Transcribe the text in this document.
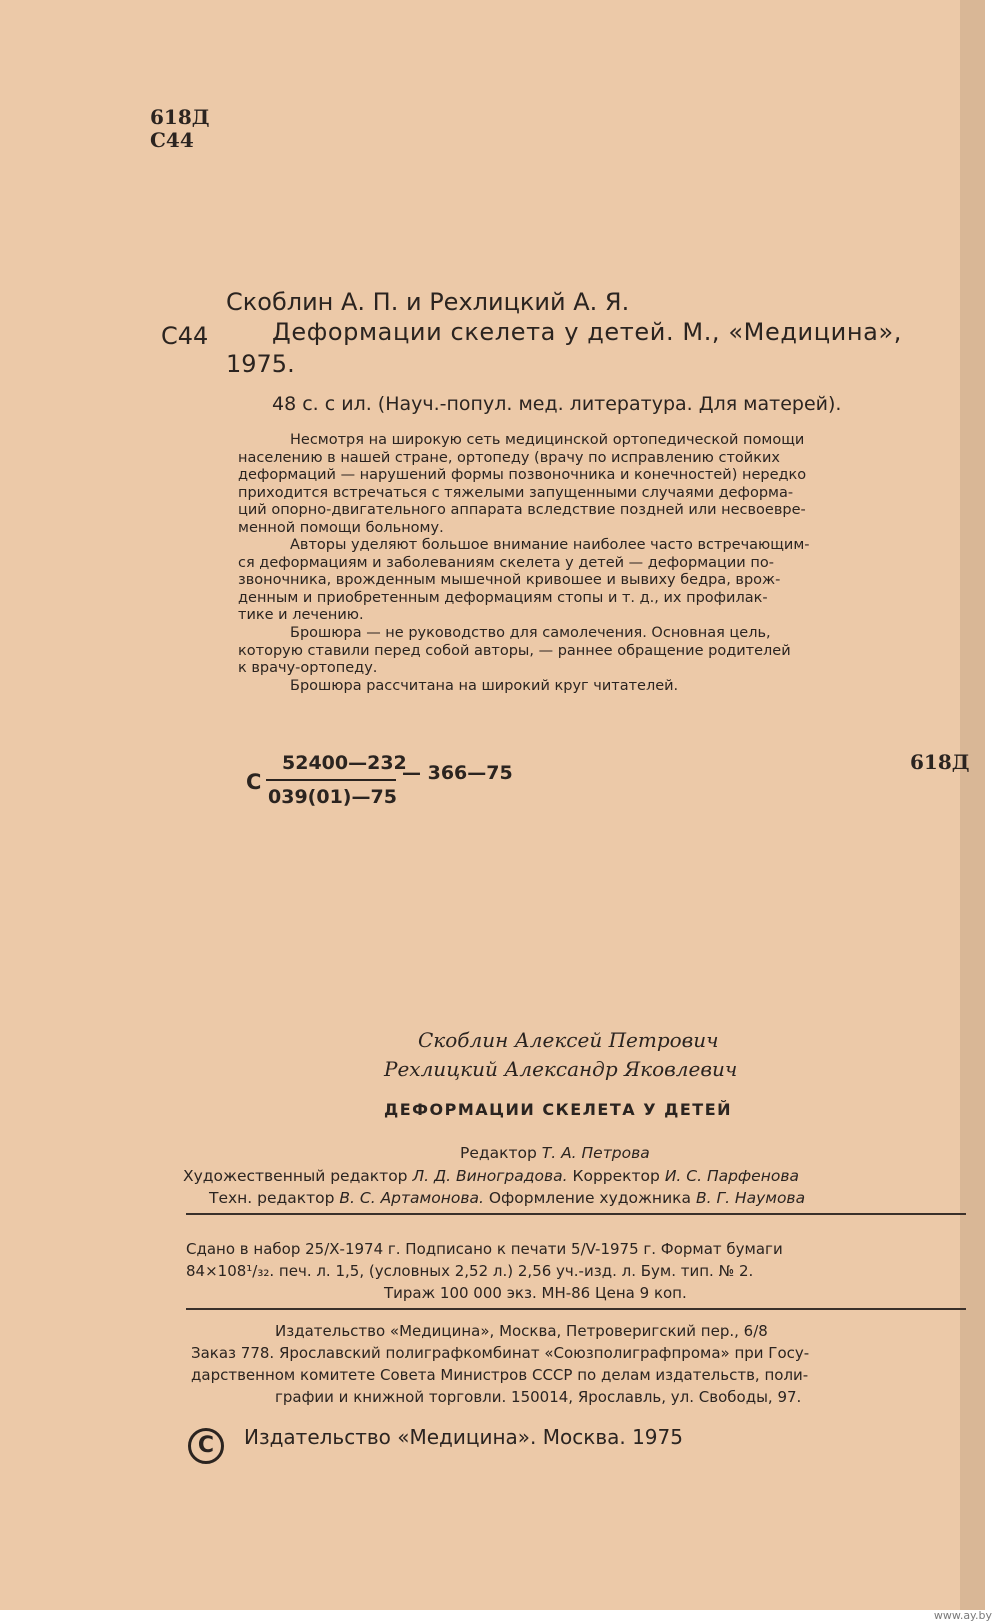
618Д
С44
Скоблин А. П. и Рехлицкий А. Я.
С44	Деформации скелета у детей. М., «Медицина»,
1975.
48 с. с ил. (Науч.-попул. мед. литература. Для матерей).
Несмотря на широкую сеть медицинской ортопедической помощи
населению в нашей стране, ортопеду (врачу по исправлению стойких
деформаций — нарушений формы позвоночника и конечностей) нередко
приходится встречаться с тяжелыми запущенными случаями деформа-
ций опорно-двигательного аппарата вследствие поздней или несвоевре-
менной помощи больному.
Авторы уделяют большое внимание наиболее часто встречающим-
ся деформациям и заболеваниям скелета у детей — деформации по-
звоночника, врожденным мышечной кривошее и вывиху бедра, врож-
денным и приобретенным деформациям стопы и т. д., их профилак-
тике и лечению.
Брошюра — не руководство для самолечения. Основная цель,
которую ставили перед собой авторы, — раннее обращение родителей
к врачу-ортопеду.
Брошюра рассчитана на широкий круг читателей.
С
52400—232
039(01)—75
— 366—75	618Д
Скоблин Алексей Петрович
Рехлицкий Александр Яковлевич
ДЕФОРМАЦИИ СКЕЛЕТА У ДЕТЕЙ
Редактор Т. А. Петрова
Художественный редактор Л. Д. Виноградова. Корректор И. С. Парфенова
Техн. редактор В. С. Артамонова. Оформление художника В. Г. Наумова
Сдано в набор 25/Х-1974 г. Подписано к печати 5/V-1975 г. Формат бумаги
84×108¹/₃₂. печ. л. 1,5, (условных 2,52 л.) 2,56 уч.-изд. л. Бум. тип. № 2.
Тираж 100 000 экз. МН-86 Цена 9 коп.
Издательство «Медицина», Москва, Петроверигский пер., 6/8
Заказ 778. Ярославский полиграфкомбинат «Союзполиграфпрома» при Госу-
дарственном комитете Совета Министров СССР по делам издательств, поли-
графии и книжной торговли. 150014, Ярославль, ул. Свободы, 97.
C	Издательство «Медицина». Москва. 1975
www.ay.by
